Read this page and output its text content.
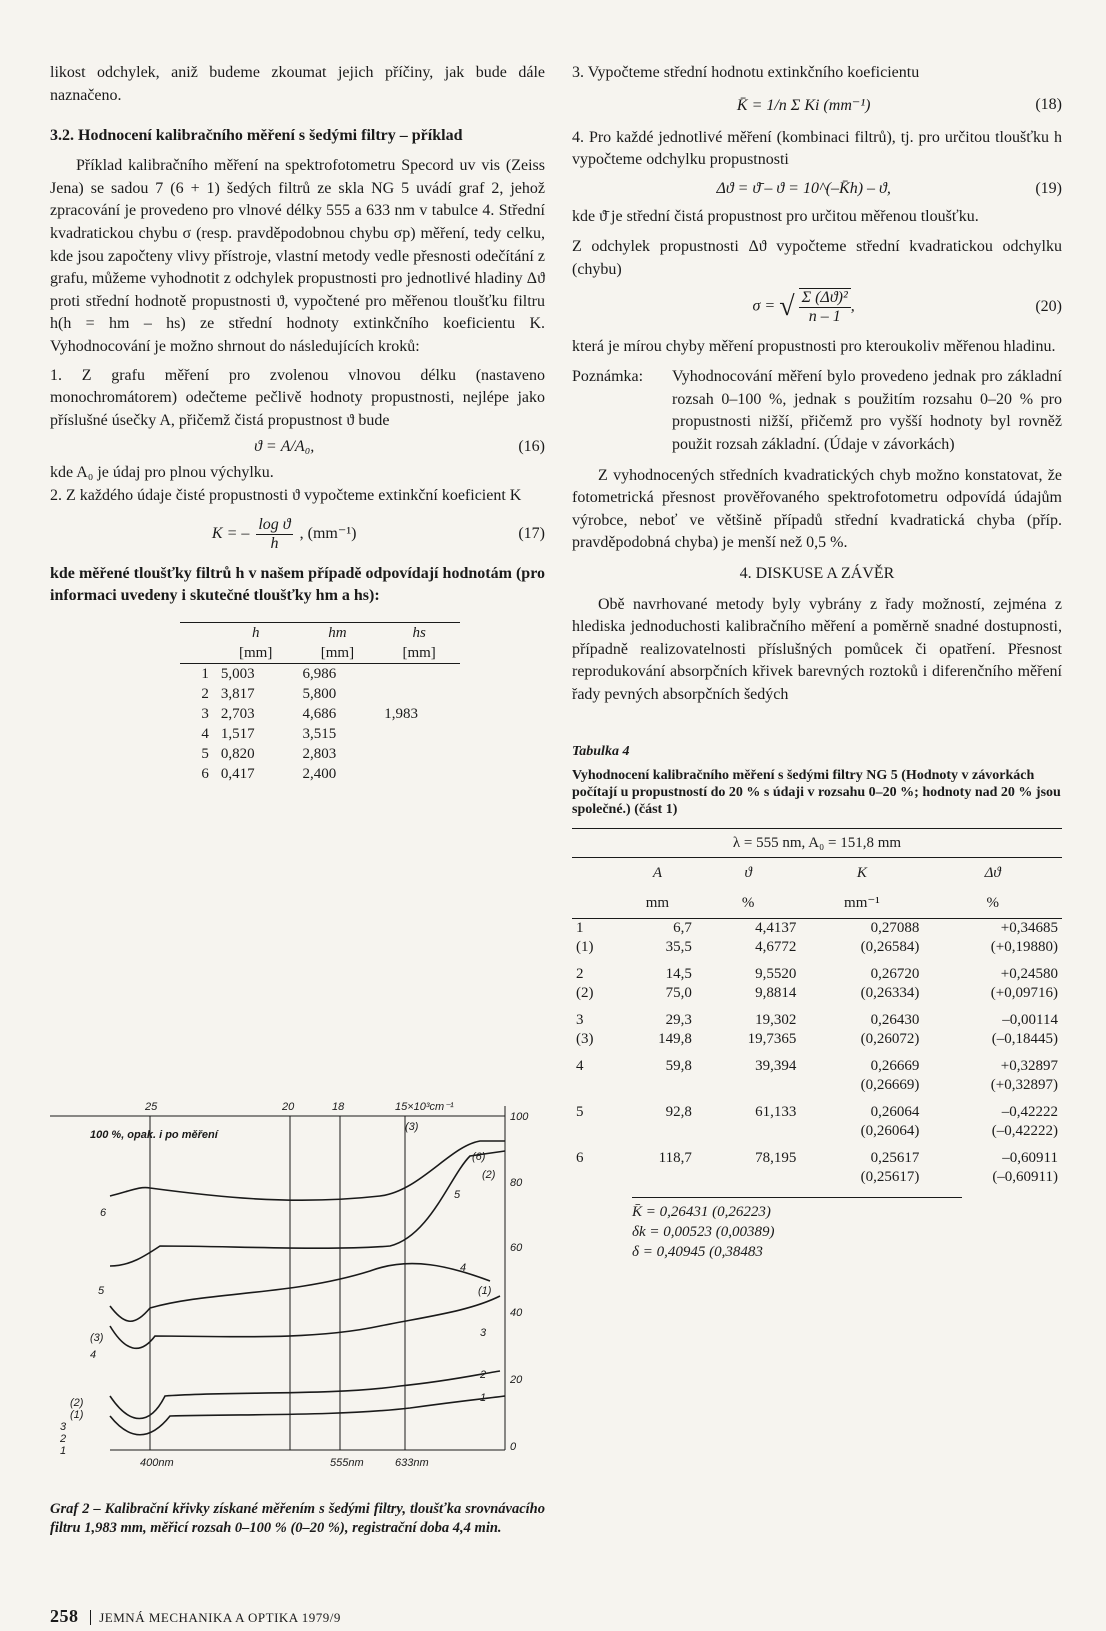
likost odchylek, aniž budeme zkoumat jejich příčiny, jak bude dále naznačeno.

3.2. Hodnocení kalibračního měření s šedými filtry – příklad

Příklad kalibračního měření na spektrofotometru Specord uv vis (Zeiss Jena) se sadou 7 (6 + 1) šedých filtrů ze skla NG 5 uvádí graf 2, jehož zpracování je provedeno pro vlnové délky 555 a 633 nm v tabulce 4. Střední kvadratickou chybu σ (resp. pravděpodobnou chybu σp) měření, tedy celku, kde jsou započteny vlivy přístroje, vlastní metody vedle přesnosti odečítání z grafu, můžeme vyhodnotit z odchylek propustnosti pro jednotlivé hladiny Δϑ proti střední hodnotě propustnosti ϑ, vypočtené pro měřenou tloušťku filtru h(h = hm – hs) ze střední hodnoty extinkčního koeficientu K. Vyhodnocování je možno shrnout do následujících kroků:

1. Z grafu měření pro zvolenou vlnovou délku (nastaveno monochromátorem) odečteme pečlivě hodnoty propustnosti, nejlépe jako příslušné úsečky A, přičemž čistá propustnost ϑ bude

ϑ = A/A₀,	(16)

kde A₀ je údaj pro plnou výchylku.

2. Z každého údaje čisté propustnosti ϑ vypočteme extinkční koeficient K

K = – $\frac{\text{log ϑ}}{h}$ , (mm⁻¹)	(17)

kde měřené tloušťky filtrů h v našem případě odpovídají hodnotám (pro informaci uvedeny i skutečné tloušťky hm a hs):

	h	hm	hs
	[mm]	[mm]	[mm]
1	5,003	6,986	
2	3,817	5,800	
3	2,703	4,686	1,983
4	1,517	3,515	
5	0,820	2,803	
6	0,417	2,400	
25	20	18	15×10³cm⁻¹
100
80
60
40
20
0
400nm	555nm	633nm
100 %, opak. i po měření
(3)
(6)
(2)
5
6
4
(1)
5
3
(3)
4
2
1
(2)
(1)
3
2
1

Graf 2 – Kalibrační křivky získané měřením s šedými filtry, tloušťka srovnávacího filtru 1,983 mm, měřicí rozsah 0–100 % (0–20 %), registrační doba 4,4 min.

3. Vypočteme střední hodnotu extinkčního koeficientu

K̄ = 1/n Σ Ki (mm⁻¹)	(18)

4. Pro každé jednotlivé měření (kombinaci filtrů), tj. pro určitou tloušťku h vypočteme odchylku propustnosti

Δϑ = ϑ̄ – ϑ = 10^(–K̄h) – ϑ,	(19)

kde ϑ̄ je střední čistá propustnost pro určitou měřenou tloušťku.

Z odchylek propustnosti Δϑ vypočteme střední kvadratickou odchylku (chybu)

σ = √ $\frac{\text{Σ (Δϑ)²}}{n - 1}$ ,	(20)

která je mírou chyby měření propustnosti pro kteroukoliv měřenou hladinu.

Poznámka:	Vyhodnocování měření bylo provedeno jednak pro základní rozsah 0–100 %, jednak s použitím rozsahu 0–20 % pro propustnosti nižší, přičemž pro vyšší hodnoty byl rovněž použit rozsah základní. (Údaje v závorkách)

Z vyhodnocených středních kvadratických chyb možno konstatovat, že fotometrická přesnost prověřovaného spektrofotometru odpovídá údajům výrobce, neboť ve většině případů střední kvadratická chyba (příp. pravděpodobná chyba) je menší než 0,5 %.

4. DISKUSE A ZÁVĚR

Obě navrhované metody byly vybrány z řady možností, zejména z hlediska jednoduchosti kalibračního měření a poměrně snadné dostupnosti, případně realizovatelnosti příslušných pomůcek či opatření. Přesnost reprodukování absorpčních křivek barevných roztoků i diferenčního měření řady pevných absorpčních šedých

Tabulka 4

Vyhodnocení kalibračního měření s šedými filtry NG 5 (Hodnoty v závorkách počítají u propustností do 20 % s údaji v rozsahu 0–20 %; hodnoty nad 20 % jsou společné.) (část 1)

λ = 555 nm, A₀ = 151,8 mm				
	A	ϑ	K	Δϑ
	mm	%	mm⁻¹	%
1	6,7	4,4137	0,27088	+0,34685
(1)	35,5	4,6772	(0,26584)	(+0,19880)
2	14,5	9,5520	0,26720	+0,24580
(2)	75,0	9,8814	(0,26334)	(+0,09716)
3	29,3	19,302	0,26430	–0,00114
(3)	149,8	19,7365	(0,26072)	(–0,18445)
4	59,8	39,394	0,26669	+0,32897
			(0,26669)	(+0,32897)
5	92,8	61,133	0,26064	–0,42222
			(0,26064)	(–0,42222)
6	118,7	78,195	0,25617	–0,60911
			(0,25617)	(–0,60911)
K̄ = 0,26431 (0,26223)
δk = 0,00523 (0,00389)
δ = 0,40945 (0,38483
258 JEMNÁ MECHANIKA A OPTIKA 1979/9
